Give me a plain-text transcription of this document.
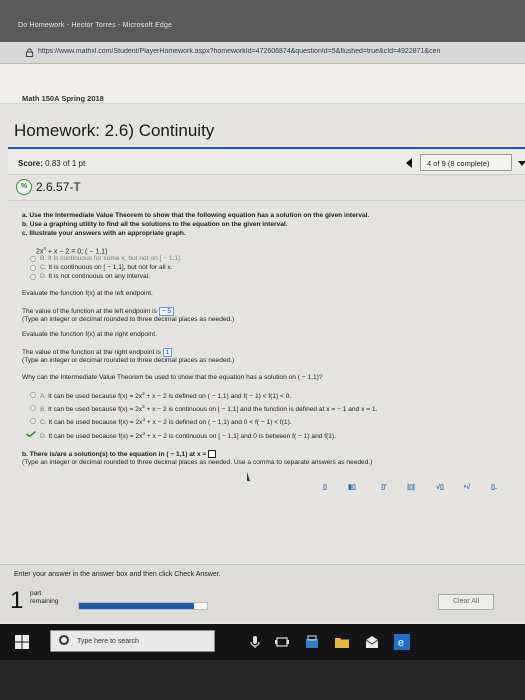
Do Homework - Hector Torres - Microsoft Edge
https://www.mathxl.com/Student/PlayerHomework.aspx?homeworkId=472606874&questionId=5&flushed=true&cId=4922871&cen
Math 150A Spring 2018
Homework: 2.6) Continuity
Score: 0.83 of 1 pt	4 of 9 (8 complete)
% 2.6.57-T
a. Use the Intermediate Value Theorem to show that the following equation has a solution on the given interval.
b. Use a graphing utility to find all the solutions to the equation on the given interval.
c. Illustrate your answers with an appropriate graph.
$2x^3 + x - 2 = 0$; ( − 1,1)
B. It is continuous for some x, but not on [ − 1,1].
C. It is continuous on [ − 1,1], but not for all x.
D. It is not continuous on any interval.
Evaluate the function f(x) at the left endpoint.
The value of the function at the left endpoint is − 5
(Type an integer or decimal rounded to three decimal places as needed.)
Evaluate the function f(x) at the right endpoint.
The value of the function at the right endpoint is 1
(Type an integer or decimal rounded to three decimal places as needed.)
Why can the Intermediate Value Theorem be used to show that the equation has a solution on ( − 1,1)?
A. It can be used because $f(x) = 2x^3 + x - 2$ is defined on ( − 1,1) and f( − 1) < f(1) < 0.
B. It can be used because $f(x) = 2x^3 + x - 2$ is continuous on [ − 1,1] and the function is defined at x = − 1 and x = 1.
C. It can be used because $f(x) = 2x^3 + x - 2$ is defined on ( − 1,1) and 0 < f( − 1) < f(1).
D. It can be used because $f(x) = 2x^3 + x - 2$ is continuous on [ − 1,1] and 0 is between f( − 1) and f(1).
b. There is/are a solution(s) to the equation in ( − 1,1) at x ≈
(Type an integer or decimal rounded to three decimal places as needed. Use a comma to separate answers as needed.)
▯	▮▯	▯'	|▯|	√▯	ⁿ√	▯.
Enter your answer in the answer box and then click Check Answer.
1 part
remaining	Clear All
Type here to search	e
